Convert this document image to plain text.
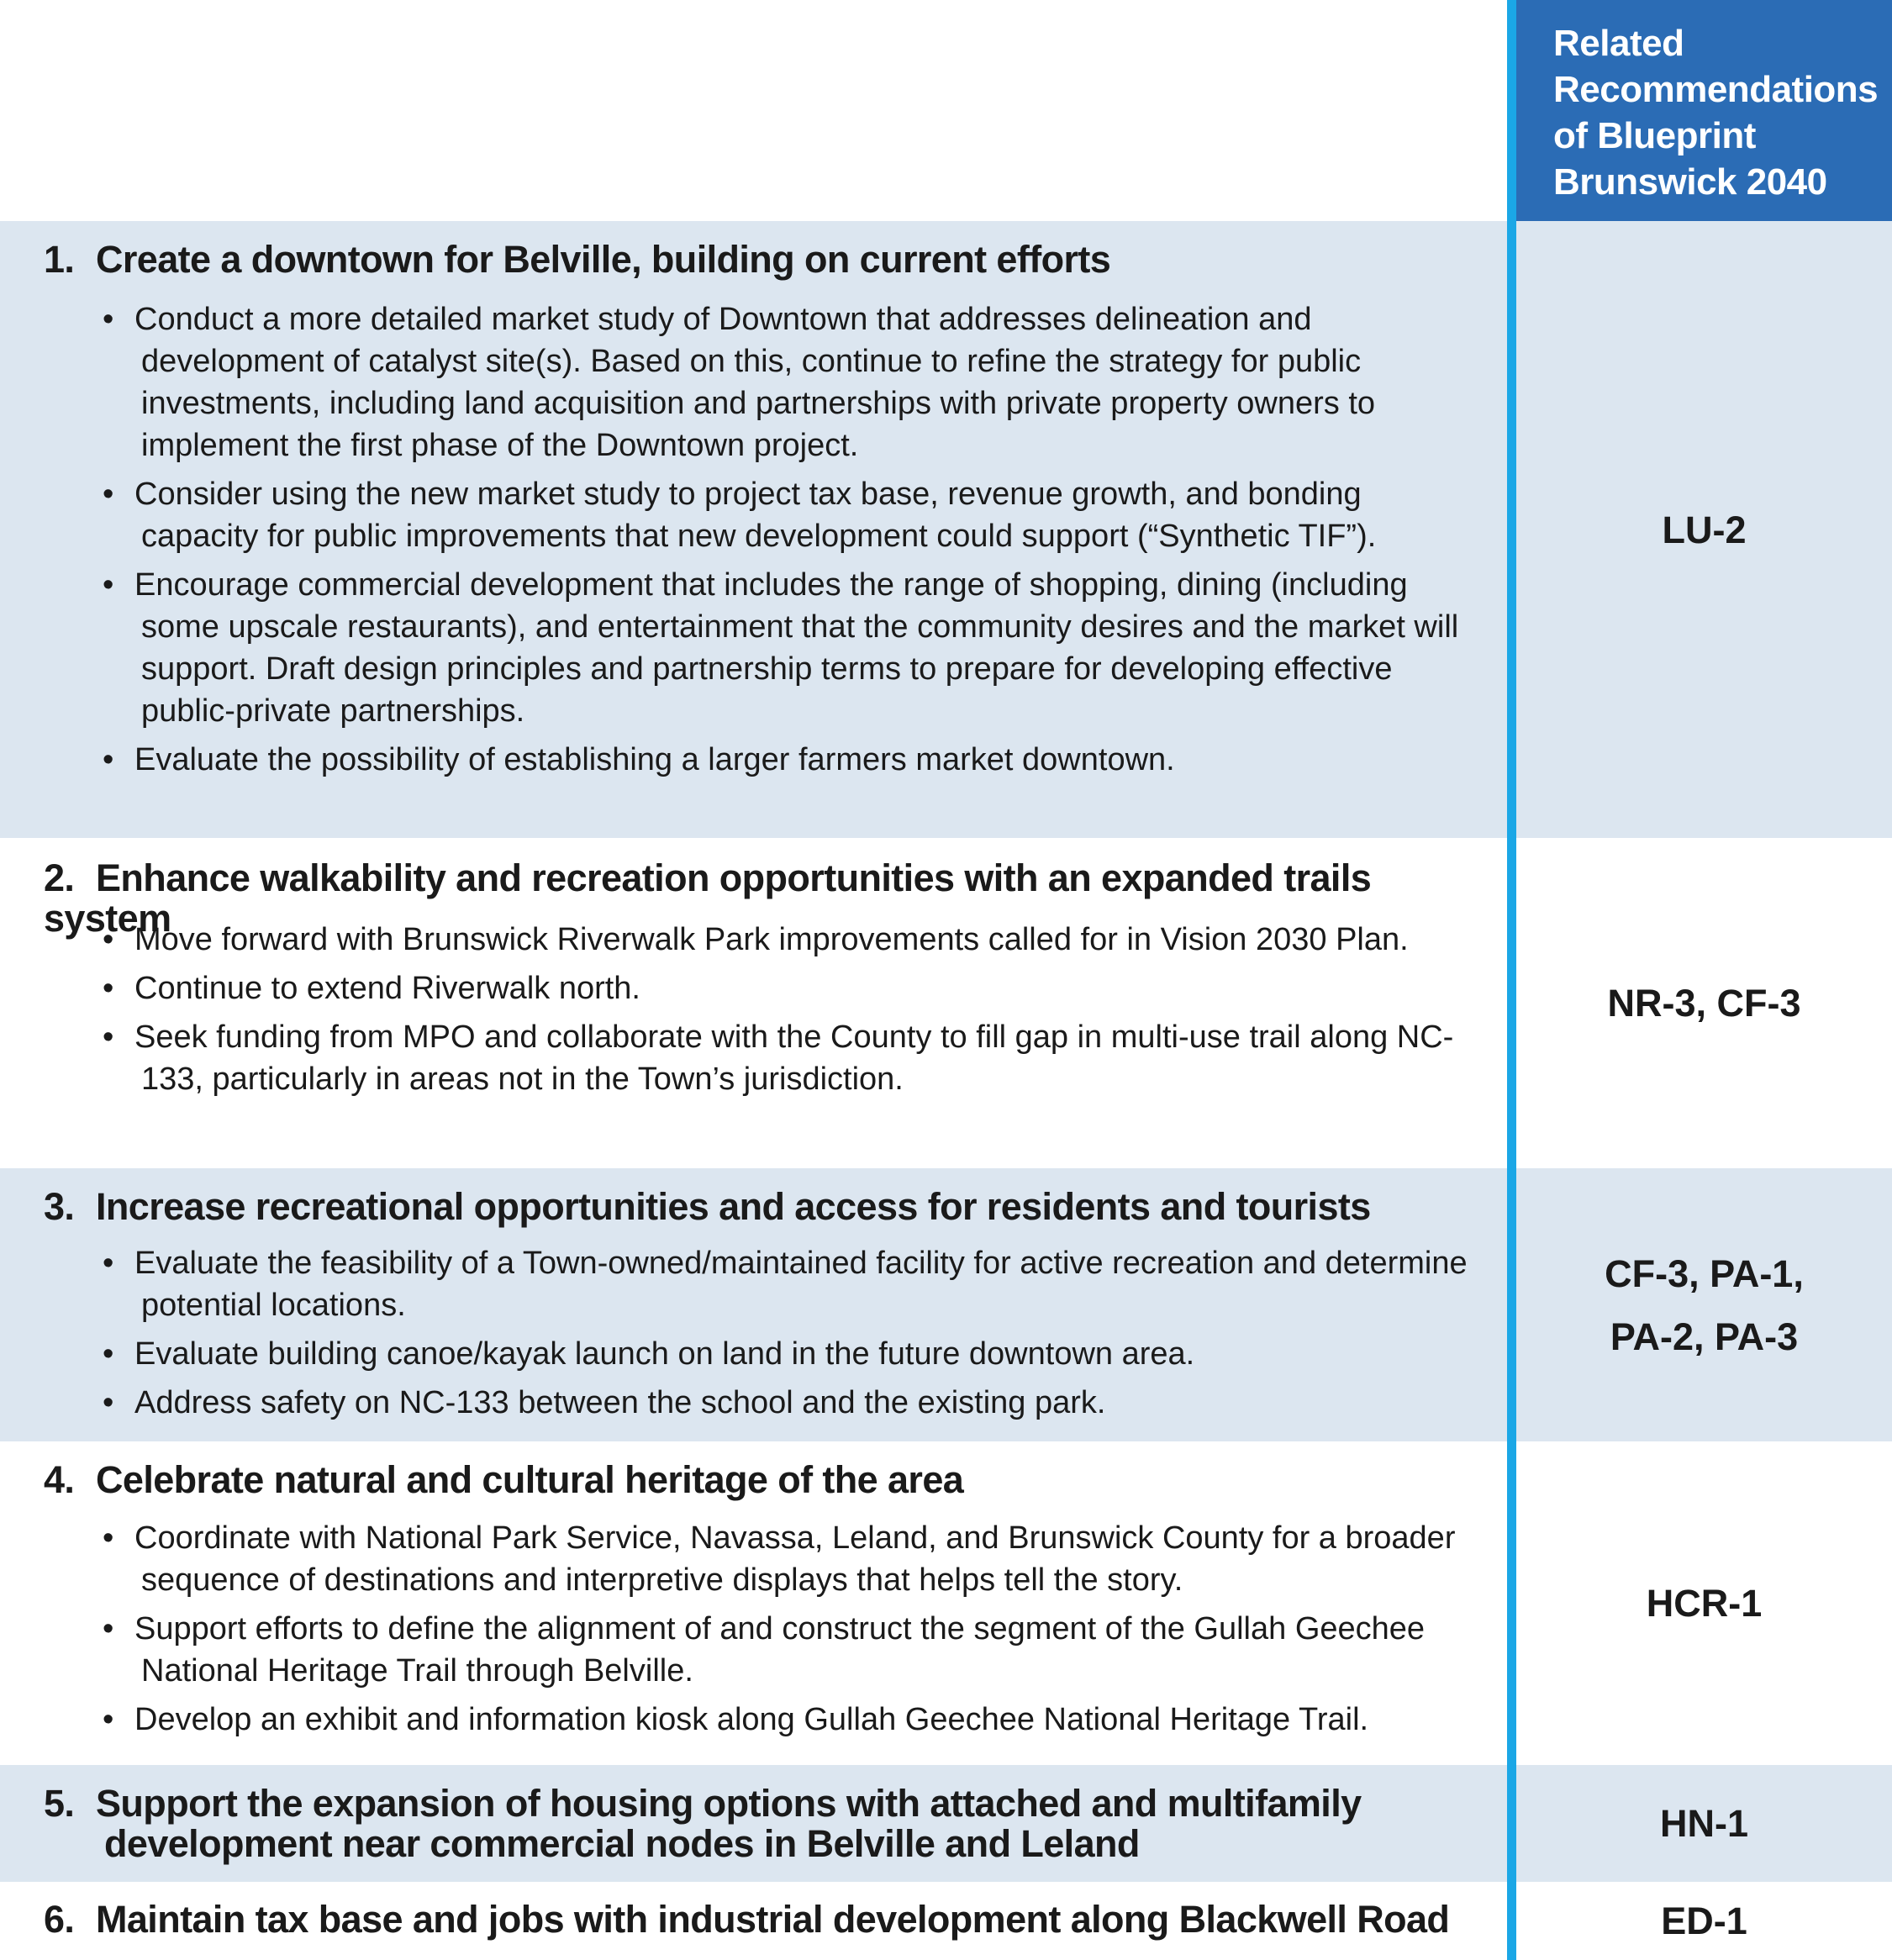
Related
Recommendations
of Blueprint
Brunswick 2040
1. Create a downtown for Belville, building on current efforts
• Conduct a more detailed market study of Downtown that addresses delineation and development of catalyst site(s). Based on this, continue to refine the strategy for public investments, including land acquisition and partnerships with private property owners to implement the first phase of the Downtown project.
• Consider using the new market study to project tax base, revenue growth, and bonding capacity for public improvements that new development could support (“Synthetic TIF”).
• Encourage commercial development that includes the range of shopping, dining (including some upscale restaurants), and entertainment that the community desires and the market will support. Draft design principles and partnership terms to prepare for developing effective public-private partnerships.
• Evaluate the possibility of establishing a larger farmers market downtown.
LU-2
2. Enhance walkability and recreation opportunities with an expanded trails system
• Move forward with Brunswick Riverwalk Park improvements called for in Vision 2030 Plan.
• Continue to extend Riverwalk north.
• Seek funding from MPO and collaborate with the County to fill gap in multi-use trail along NC-133, particularly in areas not in the Town’s jurisdiction.
NR-3, CF-3
3. Increase recreational opportunities and access for residents and tourists
• Evaluate the feasibility of a Town-owned/maintained facility for active recreation and determine potential locations.
• Evaluate building canoe/kayak launch on land in the future downtown area.
• Address safety on NC-133 between the school and the existing park.
CF-3, PA-1,
PA-2, PA-3
4. Celebrate natural and cultural heritage of the area
• Coordinate with National Park Service, Navassa, Leland, and Brunswick County for a broader sequence of destinations and interpretive displays that helps tell the story.
• Support efforts to define the alignment of and construct the segment of the Gullah Geechee National Heritage Trail through Belville.
• Develop an exhibit and information kiosk along Gullah Geechee National Heritage Trail.
HCR-1
5. Support the expansion of housing options with attached and multifamily
development near commercial nodes in Belville and Leland	HN-1
6. Maintain tax base and jobs with industrial development along Blackwell Road	ED-1
